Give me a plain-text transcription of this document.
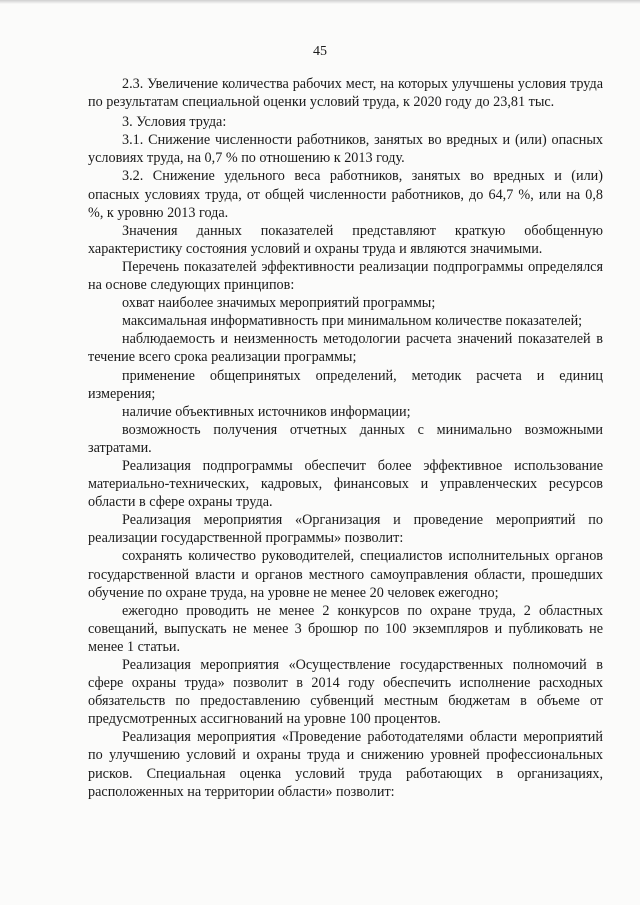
45

2.3. Увеличение количества рабочих мест, на которых улучшены условия труда по результатам специальной оценки условий труда, к 2020 году до 23,81 тыс.

3. Условия труда:

3.1. Снижение численности работников, занятых во вредных и (или) опасных условиях труда, на 0,7 % по отношению к 2013 году.

3.2. Снижение удельного веса работников, занятых во вредных и (или) опасных условиях труда, от общей численности работников, до 64,7 %, или на 0,8 %, к уровню 2013 года.

Значения данных показателей представляют краткую обобщенную характеристику состояния условий и охраны труда и являются значимыми.

Перечень показателей эффективности реализации подпрограммы определялся на основе следующих принципов:

охват наиболее значимых мероприятий программы;

максимальная информативность при минимальном количестве показателей;

наблюдаемость и неизменность методологии расчета значений показателей в течение всего срока реализации программы;

применение общепринятых определений, методик расчета и единиц измерения;

наличие объективных источников информации;

возможность получения отчетных данных с минимально возможными затратами.

Реализация подпрограммы обеспечит более эффективное использование материально-технических, кадровых, финансовых и управленческих ресурсов области в сфере охраны труда.

Реализация мероприятия «Организация и проведение мероприятий по реализации государственной программы» позволит:

сохранять количество руководителей, специалистов исполнительных органов государственной власти и органов местного самоуправления области, прошедших обучение по охране труда, на уровне не менее 20 человек ежегодно;

ежегодно проводить не менее 2 конкурсов по охране труда, 2 областных совещаний, выпускать не менее 3 брошюр по 100 экземпляров и публиковать не менее 1 статьи.

Реализация мероприятия «Осуществление государственных полномочий в сфере охраны труда» позволит в 2014 году обеспечить исполнение расходных обязательств по предоставлению субвенций местным бюджетам в объеме от предусмотренных ассигнований на уровне 100 процентов.

Реализация мероприятия «Проведение работодателями области мероприятий по улучшению условий и охраны труда и снижению уровней профессиональных рисков. Специальная оценка условий труда работающих в организациях, расположенных на территории области» позволит:
